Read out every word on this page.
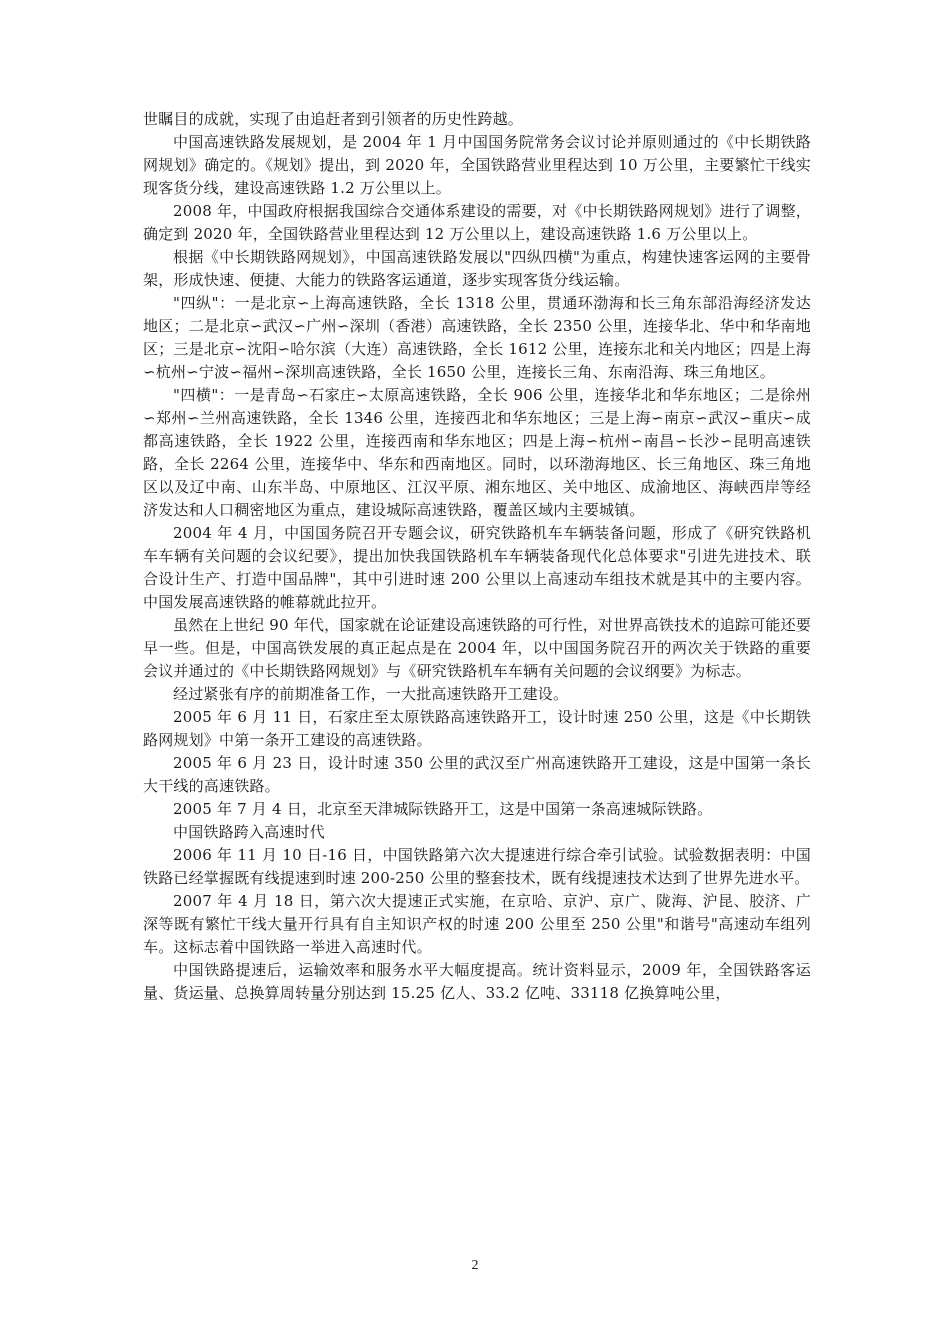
世瞩目的成就，实现了由追赶者到引领者的历史性跨越。

中国高速铁路发展规划，是 2004 年 1 月中国国务院常务会议讨论并原则通过的《中长期铁路网规划》确定的。《规划》提出，到 2020 年，全国铁路营业里程达到 10 万公里，主要繁忙干线实现客货分线，建设高速铁路 1.2 万公里以上。

2008 年，中国政府根据我国综合交通体系建设的需要，对《中长期铁路网规划》进行了调整，确定到 2020 年，全国铁路营业里程达到 12 万公里以上，建设高速铁路 1.6 万公里以上。

根据《中长期铁路网规划》，中国高速铁路发展以"四纵四横"为重点，构建快速客运网的主要骨架，形成快速、便捷、大能力的铁路客运通道，逐步实现客货分线运输。

"四纵"：一是北京∽上海高速铁路，全长 1318 公里，贯通环渤海和长三角东部沿海经济发达地区；二是北京∽武汉∽广州∽深圳（香港）高速铁路，全长 2350 公里，连接华北、华中和华南地区；三是北京∽沈阳∽哈尔滨（大连）高速铁路，全长 1612 公里，连接东北和关内地区；四是上海∽杭州∽宁波∽福州∽深圳高速铁路，全长 1650 公里，连接长三角、东南沿海、珠三角地区。

"四横"：一是青岛∽石家庄∽太原高速铁路，全长 906 公里，连接华北和华东地区；二是徐州∽郑州∽兰州高速铁路，全长 1346 公里，连接西北和华东地区；三是上海∽南京∽武汉∽重庆∽成都高速铁路，全长 1922 公里，连接西南和华东地区；四是上海∽杭州∽南昌∽长沙∽昆明高速铁路，全长 2264 公里，连接华中、华东和西南地区。同时，以环渤海地区、长三角地区、珠三角地区以及辽中南、山东半岛、中原地区、江汉平原、湘东地区、关中地区、成渝地区、海峡西岸等经济发达和人口稠密地区为重点，建设城际高速铁路，覆盖区域内主要城镇。

2004 年 4 月，中国国务院召开专题会议，研究铁路机车车辆装备问题，形成了《研究铁路机车车辆有关问题的会议纪要》，提出加快我国铁路机车车辆装备现代化总体要求"引进先进技术、联合设计生产、打造中国品牌"，其中引进时速 200 公里以上高速动车组技术就是其中的主要内容。中国发展高速铁路的帷幕就此拉开。

虽然在上世纪 90 年代，国家就在论证建设高速铁路的可行性，对世界高铁技术的追踪可能还要早一些。但是，中国高铁发展的真正起点是在 2004 年，以中国国务院召开的两次关于铁路的重要会议并通过的《中长期铁路网规划》与《研究铁路机车车辆有关问题的会议纲要》为标志。

经过紧张有序的前期准备工作，一大批高速铁路开工建设。

2005 年 6 月 11 日，石家庄至太原铁路高速铁路开工，设计时速 250 公里，这是《中长期铁路网规划》中第一条开工建设的高速铁路。

2005 年 6 月 23 日，设计时速 350 公里的武汉至广州高速铁路开工建设，这是中国第一条长大干线的高速铁路。

2005 年 7 月 4 日，北京至天津城际铁路开工，这是中国第一条高速城际铁路。

中国铁路跨入高速时代

2006 年 11 月 10 日-16 日，中国铁路第六次大提速进行综合牵引试验。试验数据表明：中国铁路已经掌握既有线提速到时速 200-250 公里的整套技术，既有线提速技术达到了世界先进水平。

2007 年 4 月 18 日，第六次大提速正式实施，在京哈、京沪、京广、陇海、沪昆、胶济、广深等既有繁忙干线大量开行具有自主知识产权的时速 200 公里至 250 公里"和谐号"高速动车组列车。这标志着中国铁路一举进入高速时代。

中国铁路提速后，运输效率和服务水平大幅度提高。统计资料显示，2009 年，全国铁路客运量、货运量、总换算周转量分别达到 15.25 亿人、33.2 亿吨、33118 亿换算吨公里，

2
